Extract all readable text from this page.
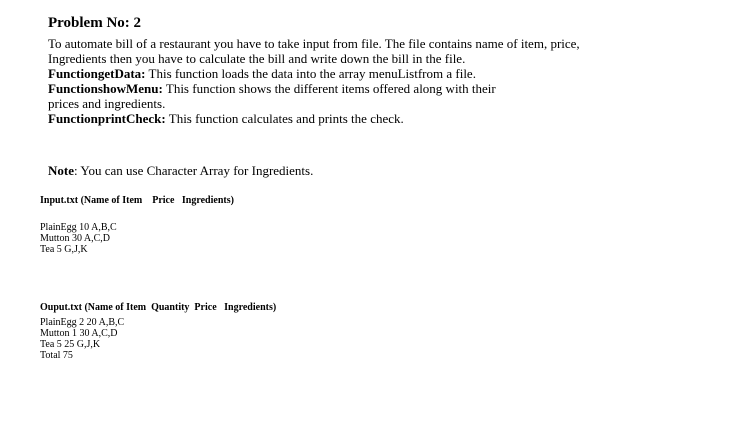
Problem No: 2
To automate bill of a restaurant you have to take input from file. The file contains name of item, price,
Ingredients then you have to calculate the bill and write down the bill in the file.
FunctiongetData: This function loads the data into the array menuListfrom a file.
FunctionshowMenu: This function shows the different items offered along with their
prices and ingredients.
FunctionprintCheck: This function calculates and prints the check.
Note: You can use Character Array for Ingredients.
Input.txt (Name of Item    Price   Ingredients)
PlainEgg 10 A,B,C
Mutton 30 A,C,D
Tea 5 G,J,K
Ouput.txt (Name of Item  Quantity  Price   Ingredients)
PlainEgg 2 20 A,B,C
Mutton 1 30 A,C,D
Tea 5 25 G,J,K
Total 75
